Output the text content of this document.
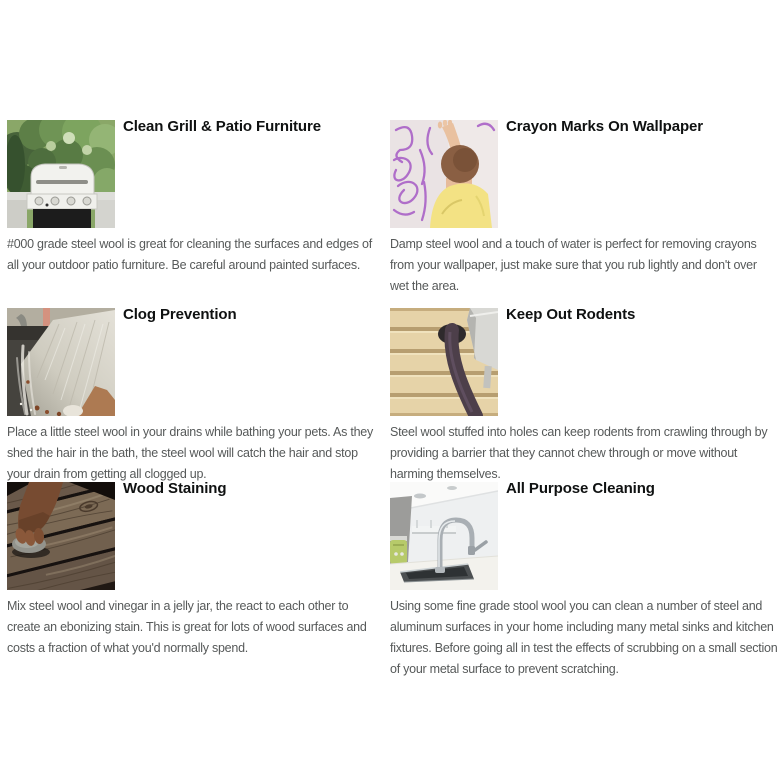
Clean Grill & Patio Furniture
#000 grade steel wool is great for cleaning the surfaces and edges of all your outdoor patio furniture. Be careful around painted surfaces.
Crayon Marks On Wallpaper
Damp steel wool and a touch of water is perfect for removing crayons from your wallpaper, just make sure that you rub lightly and don't over wet the area.
Clog Prevention
Place a little steel wool in your drains while bathing your pets. As they shed the hair in the bath, the steel wool will catch the hair and stop your drain from getting all clogged up.
Keep Out Rodents
Steel wool stuffed into holes can keep rodents from crawling through by providing a barrier that they cannot chew through or move without harming themselves.
Wood Staining
Mix steel wool and vinegar in a jelly jar, the react to each other to create an ebonizing stain. This is great for lots of wood surfaces and costs a fraction of what you'd normally spend.
All Purpose Cleaning
Using some fine grade stool wool you can clean a number of steel and aluminum surfaces in your home including many metal sinks and kitchen fixtures. Before going all in test the effects of scrubbing on a small section of your metal surface to prevent scratching.
